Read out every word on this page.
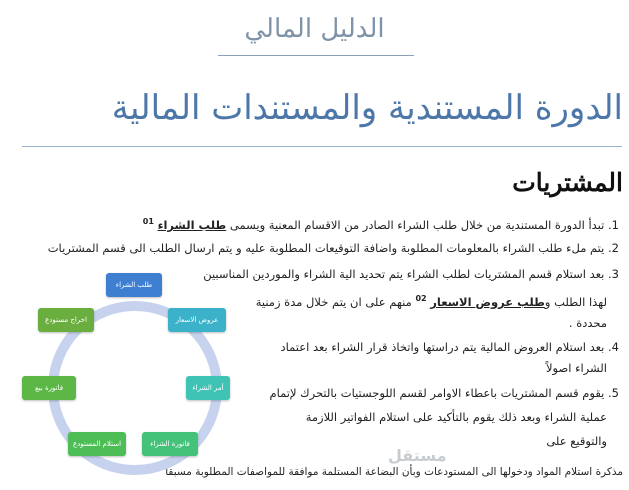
الدليل المالي
الدورة المستندية والمستندات المالية
المشتريات
1. تبدأ الدورة المستندية من خلال طلب الشراء الصادر من الاقسام المعنية ويسمى طلب الشراء $^{01}$
2. يتم ملء طلب الشراء بالمعلومات المطلوبة واضافة التوقيعات المطلوبة عليه و يتم ارسال الطلب الى قسم المشتريات
3. بعد استلام قسم المشتريات لطلب الشراء يتم تحديد الية الشراء والموردين المناسبين
لهذا الطلب وطلب عروض الاسعار $^{02}$ منهم على ان يتم خلال مدة زمنية
محددة .
4. بعد استلام العروض المالية يتم دراستها واتخاذ قرار الشراء بعد اعتماد
الشراء اصولاً
5. يقوم قسم المشتريات باعطاء الاوامر لقسم اللوجستيات بالتحرك لإتمام
عملية الشراء وبعد ذلك يقوم بالتأكيد على استلام الفواتير اللازمة
والتوقيع على
مذكرة استلام المواد ودخولها الى المستودعات وبأن البضاعة المستلمة موافقة للمواصفات المطلوبة مسبقاً
طلب الشراء
عروض الاسعار
أمر الشراء
فاتورة الشراء
استلام المستودع
فاتورة بيع
اخراج مستودع
مستقل
